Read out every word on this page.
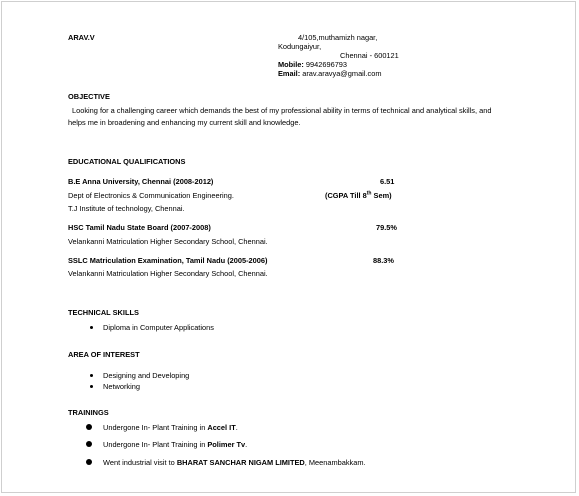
ARAV.V	4/105,muthamizh nagar,
Kodungaiyur,
Chennai - 600121
Mobile: 9942696793
Email: arav.aravya@gmail.com
OBJECTIVE
Looking for a challenging career which demands the best of my professional ability in terms of technical and analytical skills, and
helps me in broadening and enhancing my current skill and knowledge.
EDUCATIONAL QUALIFICATIONS
B.E Anna University, Chennai (2008-2012)	6.51
Dept of Electronics & Communication Engineering.	(CGPA Till 8th Sem)
T.J Institute of technology, Chennai.
HSC Tamil Nadu State Board (2007-2008)	79.5%
Velankanni Matriculation Higher Secondary School, Chennai.
SSLC Matriculation Examination, Tamil Nadu (2005-2006)	88.3%
Velankanni Matriculation Higher Secondary School, Chennai.
TECHNICAL SKILLS
Diploma in Computer Applications
AREA OF INTEREST
Designing and Developing
Networking
TRAININGS
Undergone In- Plant Training in Accel IT.
Undergone In- Plant Training in Polimer Tv.
Went industrial visit to BHARAT SANCHAR NIGAM LIMITED, Meenambakkam.
